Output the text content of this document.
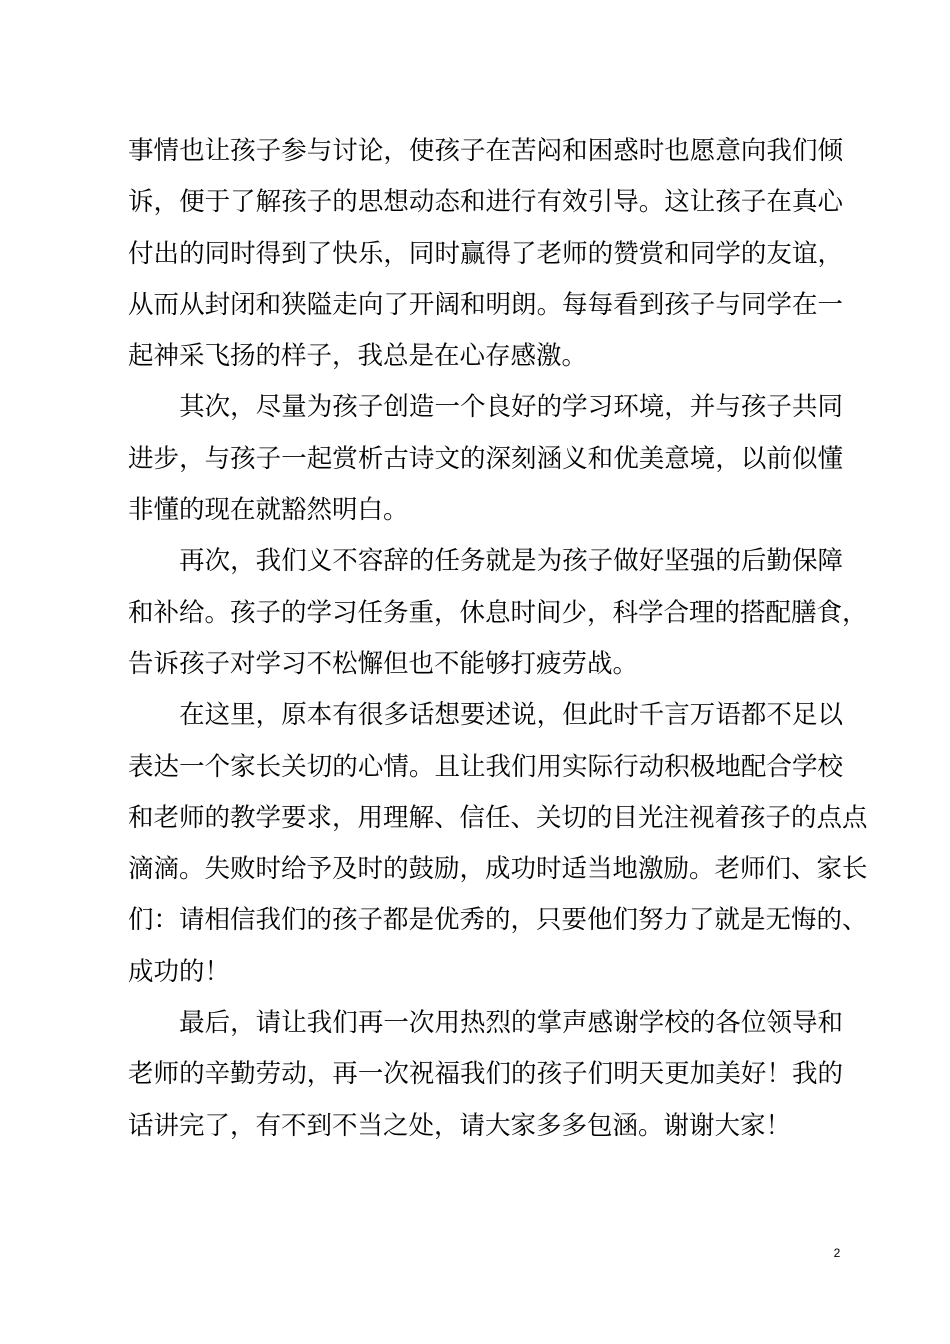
事情也让孩子参与讨论，使孩子在苦闷和困惑时也愿意向我们倾
诉，便于了解孩子的思想动态和进行有效引导。这让孩子在真心
付出的同时得到了快乐，同时赢得了老师的赞赏和同学的友谊，
从而从封闭和狭隘走向了开阔和明朗。每每看到孩子与同学在一
起神采飞扬的样子，我总是在心存感激。
　　其次，尽量为孩子创造一个良好的学习环境，并与孩子共同
进步，与孩子一起赏析古诗文的深刻涵义和优美意境，以前似懂
非懂的现在就豁然明白。
　　再次，我们义不容辞的任务就是为孩子做好坚强的后勤保障
和补给。孩子的学习任务重，休息时间少，科学合理的搭配膳食，
告诉孩子对学习不松懈但也不能够打疲劳战。
　　在这里，原本有很多话想要述说，但此时千言万语都不足以
表达一个家长关切的心情。且让我们用实际行动积极地配合学校
和老师的教学要求，用理解、信任、关切的目光注视着孩子的点点
滴滴。失败时给予及时的鼓励，成功时适当地激励。老师们、家长
们：请相信我们的孩子都是优秀的，只要他们努力了就是无悔的、
成功的！
　　最后，请让我们再一次用热烈的掌声感谢学校的各位领导和
老师的辛勤劳动，再一次祝福我们的孩子们明天更加美好！我的
话讲完了，有不到不当之处，请大家多多包涵。谢谢大家！
2
